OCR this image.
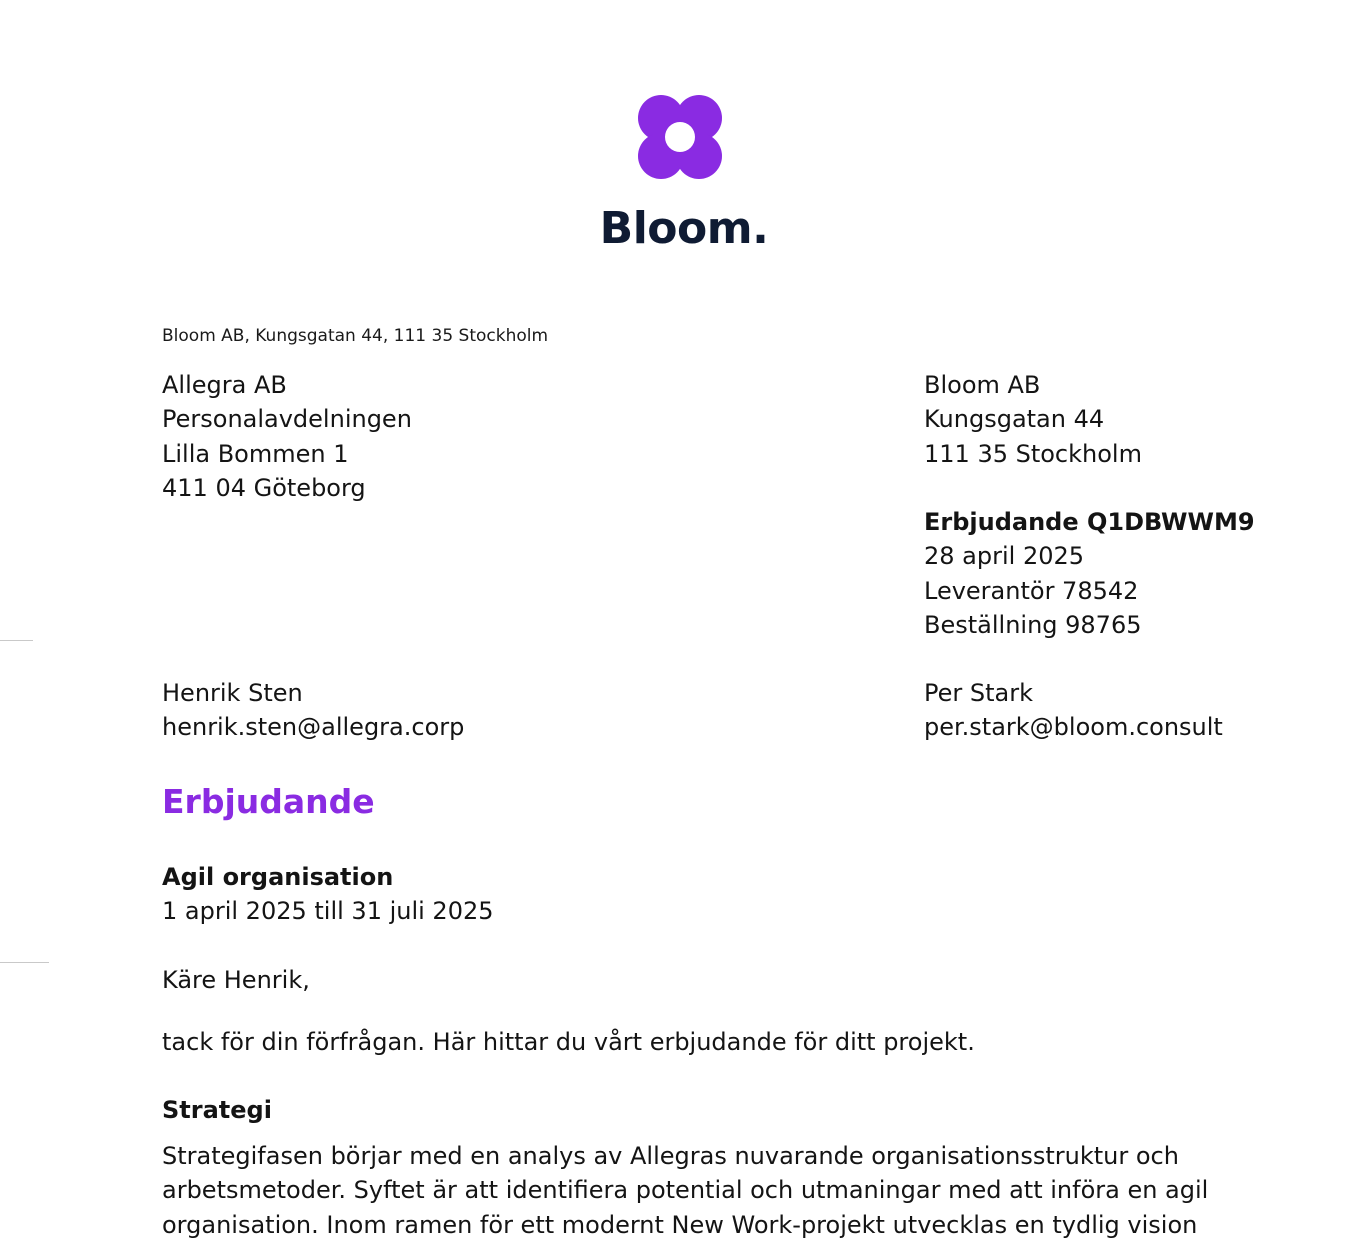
Bloom.
Bloom AB, Kungsgatan 44, 111 35 Stockholm
Allegra AB
Personalavdelningen
Lilla Bommen 1
411 04 Göteborg
Bloom AB
Kungsgatan 44
111 35 Stockholm
Erbjudande Q1DBWWM9
28 april 2025
Leverantör 78542
Beställning 98765
Henrik Sten
henrik.sten@allegra.corp
Per Stark
per.stark@bloom.consult
Erbjudande
Agil organisation
1 april 2025 till 31 juli 2025
Käre Henrik,
tack för din förfrågan. Här hittar du vårt erbjudande för ditt projekt.
Strategi
Strategifasen börjar med en analys av Allegras nuvarande organisationsstruktur och
arbetsmetoder. Syftet är att identifiera potential och utmaningar med att införa en agil
organisation. Inom ramen för ett modernt New Work-projekt utvecklas en tydlig vision
